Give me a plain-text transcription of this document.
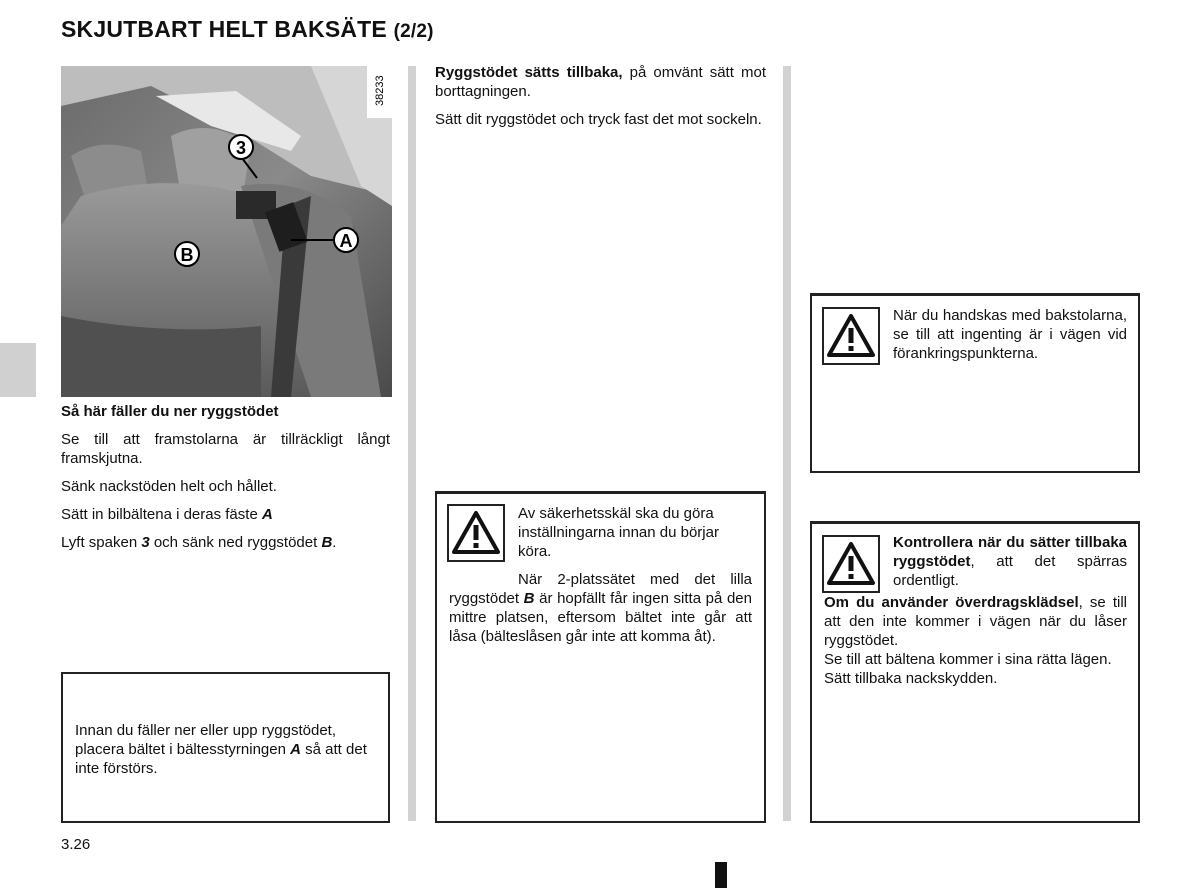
SKJUTBART HELT BAKSÄTE (2/2)
3
A
B
38233

Så här fäller du ner ryggstödet

Se till att framstolarna är tillräckligt långt framskjutna.

Sänk nackstöden helt och hållet.

Sätt in bilbältena i deras fäste A

Lyft spaken 3 och sänk ned ryggstödet B.

Innan du fäller ner eller upp ryggstödet, placera bältet i bältesstyrningen A så att det inte förstörs.

Ryggstödet sätts tillbaka, på omvänt sätt mot borttagningen.

Sätt dit ryggstödet och tryck fast det mot sockeln.

Av säkerhetsskäl ska du göra inställningarna innan du börjar köra.

När 2-platssätet med det lilla ryggstödet B är hopfällt får ingen sitta på den mittre platsen, eftersom bältet inte går att låsa (bälteslåsen går inte att komma åt).

När du handskas med bakstolarna, se till att ingenting är i vägen vid förankringspunkterna.

Kontrollera när du sätter tillbaka ryggstödet, att det spärras ordentligt.

Om du använder överdragsklädsel, se till att den inte kommer i vägen när du låser ryggstödet.

Se till att bältena kommer i sina rätta lägen.

Sätt tillbaka nackskydden.

3.26
